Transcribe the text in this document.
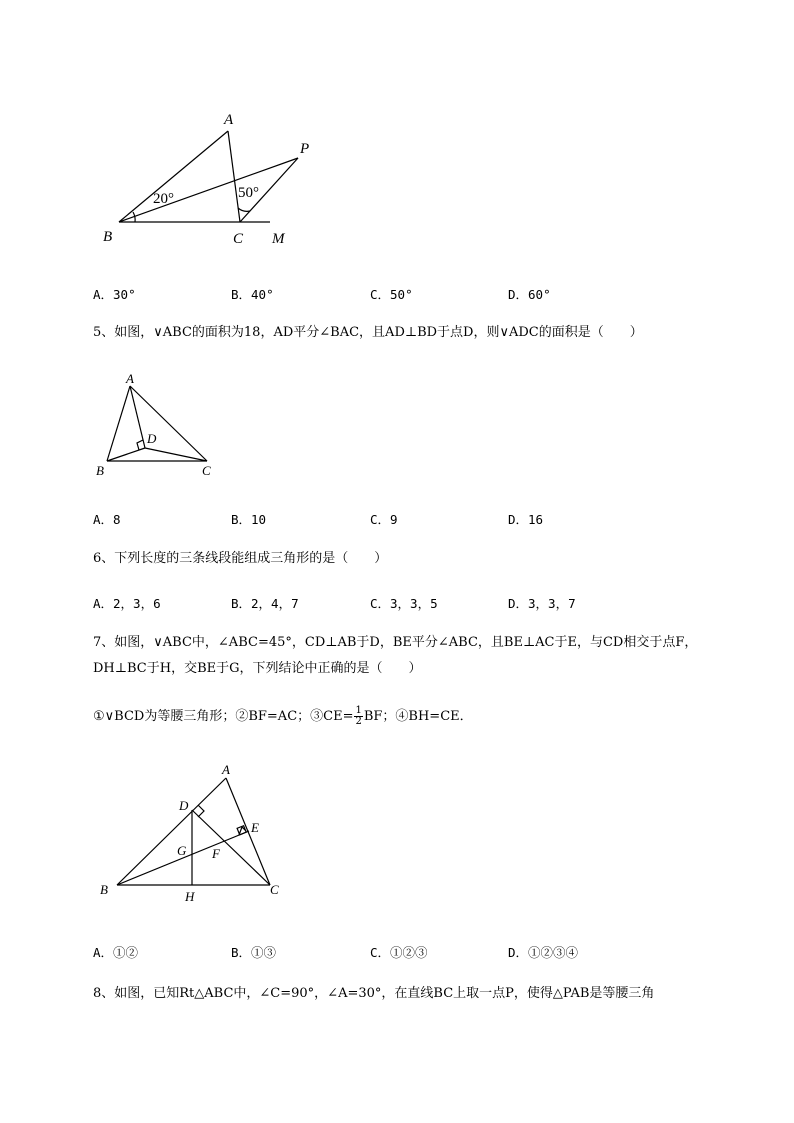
A
B	C
P
M
20°	50°
A．30°	B．40°	C．50°	D．60°
5、如图，∨ABC的面积为18，AD平分∠BAC，且AD⊥BD于点D，则∨ADC的面积是（　　）
A
B	C
D
A．8	B．10	C．9	D．16
6、下列长度的三条线段能组成三角形的是（　　）
A．2，3，6	B．2，4，7	C．3，3，5	D．3，3，7
7、如图，∨ABC中，∠ABC=45°，CD⊥AB于D，BE平分∠ABC，且BE⊥AC于E，与CD相交于点F，
DH⊥BC于H，交BE于G，下列结论中正确的是（　　）
①∨BCD为等腰三角形；②BF=AC；③CE= $\frac{1}{2}$ BF；④BH=CE．
A
B	C
D
E
F
G
H
A．①②	B．①③	C．①②③	D．①②③④
8、如图，已知Rt△ABC中，∠C=90°，∠A=30°，在直线BC上取一点P，使得△PAB是等腰三角
